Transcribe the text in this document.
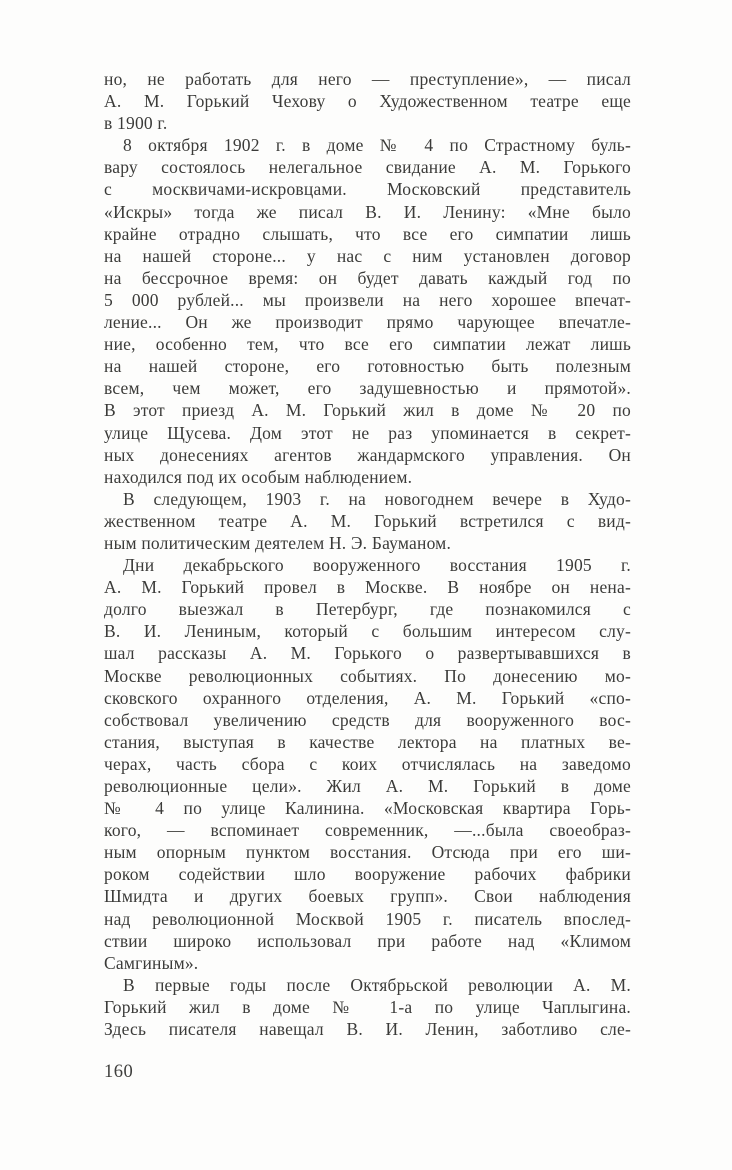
но, не работать для него — преступление», — писал
А. М. Горький Чехову о Художественном театре еще
в 1900 г.
8 октября 1902 г. в доме № 4 по Страстному буль-
вару состоялось нелегальное свидание А. М. Горького
с москвичами-искровцами. Московский представитель
«Искры» тогда же писал В. И. Ленину: «Мне было
крайне отрадно слышать, что все его симпатии лишь
на нашей стороне... у нас с ним установлен договор
на бессрочное время: он будет давать каждый год по
5 000 рублей... мы произвели на него хорошее впечат-
ление... Он же производит прямо чарующее впечатле-
ние, особенно тем, что все его симпатии лежат лишь
на нашей стороне, его готовностью быть полезным
всем, чем может, его задушевностью и прямотой».
В этот приезд А. М. Горький жил в доме № 20 по
улице Щусева. Дом этот не раз упоминается в секрет-
ных донесениях агентов жандармского управления. Он
находился под их особым наблюдением.
В следующем, 1903 г. на новогоднем вечере в Худо-
жественном театре А. М. Горький встретился с вид-
ным политическим деятелем Н. Э. Бауманом.
Дни декабрьского вооруженного восстания 1905 г.
А. М. Горький провел в Москве. В ноябре он нена-
долго выезжал в Петербург, где познакомился с
В. И. Лениным, который с большим интересом слу-
шал рассказы А. М. Горького о развертывавшихся в
Москве революционных событиях. По донесению мо-
сковского охранного отделения, А. М. Горький «спо-
собствовал увеличению средств для вооруженного вос-
стания, выступая в качестве лектора на платных ве-
черах, часть сбора с коих отчислялась на заведомо
революционные цели». Жил А. М. Горький в доме
№ 4 по улице Калинина. «Московская квартира Горь-
кого, — вспоминает современник, —...была своеобраз-
ным опорным пунктом восстания. Отсюда при его ши-
роком содействии шло вооружение рабочих фабрики
Шмидта и других боевых групп». Свои наблюдения
над революционной Москвой 1905 г. писатель впослед-
ствии широко использовал при работе над «Климом
Самгиным».
В первые годы после Октябрьской революции А. М.
Горький жил в доме № 1-а по улице Чаплыгина.
Здесь писателя навещал В. И. Ленин, заботливо сле-
160
